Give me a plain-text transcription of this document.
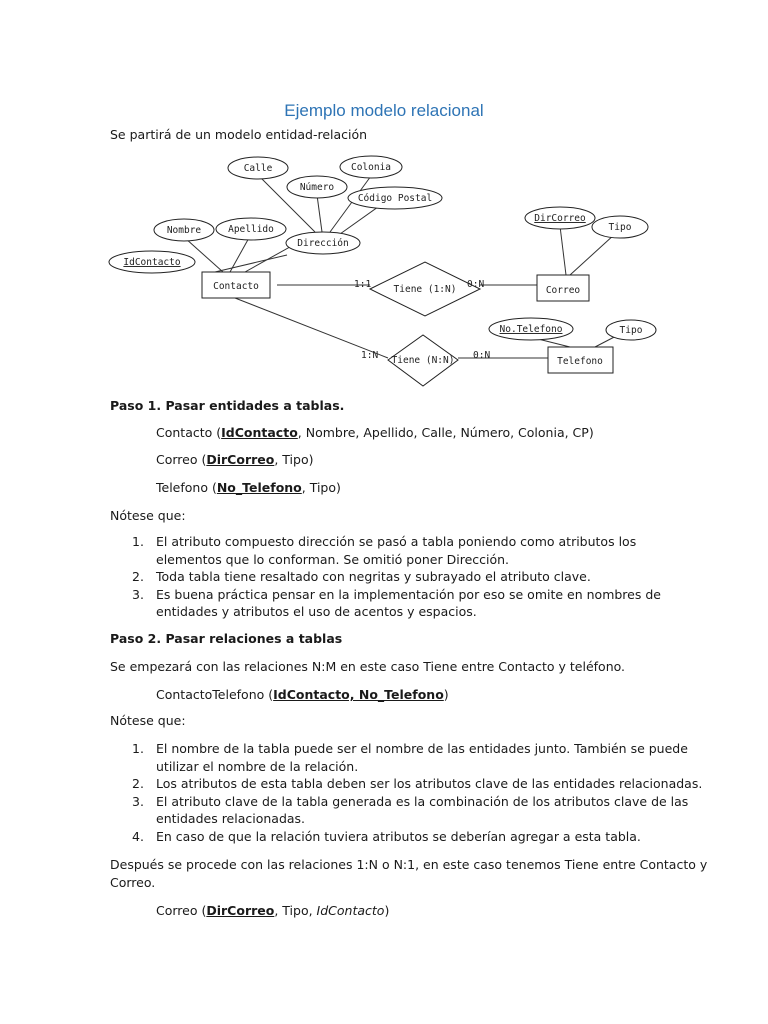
Ejemplo modelo relacional
Se partirá de un modelo entidad-relación
Contacto	Correo
Telefono
Tiene (1:N)
Tiene (N:N)
1:1	0:N
1:N	0:N
Calle	Colonia
Número
Código Postal
Nombre	Apellido
Dirección
IdContacto
DirCorreo
Tipo
No.Telefono	Tipo
Paso 1. Pasar entidades a tablas.
Contacto (IdContacto, Nombre, Apellido, Calle, Número, Colonia, CP)
Correo (DirCorreo, Tipo)
Telefono (No_Telefono, Tipo)
Nótese que:
1. El atributo compuesto dirección se pasó a tabla poniendo como atributos los
elementos que lo conforman. Se omitió poner Dirección.
2. Toda tabla tiene resaltado con negritas y subrayado el atributo clave.
3. Es buena práctica pensar en la implementación por eso se omite en nombres de
entidades y atributos el uso de acentos y espacios.
Paso 2. Pasar relaciones a tablas
Se empezará con las relaciones N:M en este caso Tiene entre Contacto y teléfono.
ContactoTelefono (IdContacto, No_Telefono)
Nótese que:
1. El nombre de la tabla puede ser el nombre de las entidades junto. También se puede
utilizar el nombre de la relación.
2. Los atributos de esta tabla deben ser los atributos clave de las entidades relacionadas.
3. El atributo clave de la tabla generada es la combinación de los atributos clave de las
entidades relacionadas.
4. En caso de que la relación tuviera atributos se deberían agregar a esta tabla.
Después se procede con las relaciones 1:N o N:1, en este caso tenemos Tiene entre Contacto y
Correo.
Correo (DirCorreo, Tipo, IdContacto)
